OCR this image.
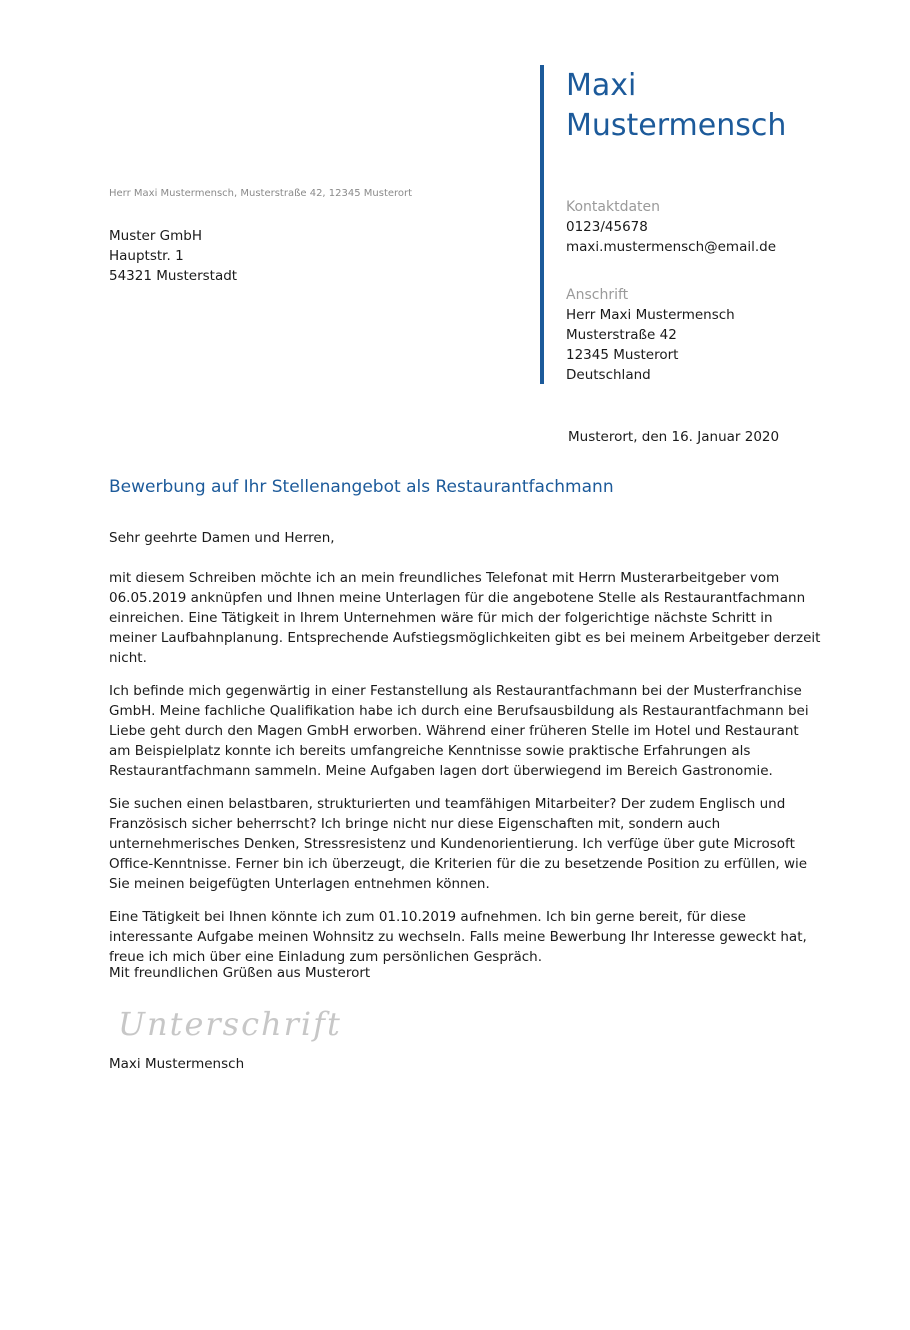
Maxi
Mustermensch
Kontaktdaten
0123/45678
maxi.mustermensch@email.de
Anschrift
Herr Maxi Mustermensch
Musterstraße 42
12345 Musterort
Deutschland
Herr Maxi Mustermensch, Musterstraße 42, 12345 Musterort
Muster GmbH
Hauptstr. 1
54321 Musterstadt
Musterort, den 16. Januar 2020
Bewerbung auf Ihr Stellenangebot als Restaurantfachmann

Sehr geehrte Damen und Herren,

mit diesem Schreiben möchte ich an mein freundliches Telefonat mit Herrn Musterarbeitgeber vom 06.05.2019 anknüpfen und Ihnen meine Unterlagen für die angebotene Stelle als Restaurantfachmann einreichen. Eine Tätigkeit in Ihrem Unternehmen wäre für mich der folgerichtige nächste Schritt in meiner Laufbahnplanung. Entsprechende Aufstiegsmöglichkeiten gibt es bei meinem Arbeitgeber derzeit nicht.

Ich befinde mich gegenwärtig in einer Festanstellung als Restaurantfachmann bei der Musterfranchise GmbH. Meine fachliche Qualifikation habe ich durch eine Berufsausbildung als Restaurantfachmann bei Liebe geht durch den Magen GmbH erworben. Während einer früheren Stelle im Hotel und Restaurant am Beispielplatz konnte ich bereits umfangreiche Kenntnisse sowie praktische Erfahrungen als Restaurantfachmann sammeln. Meine Aufgaben lagen dort überwiegend im Bereich Gastronomie.

Sie suchen einen belastbaren, strukturierten und teamfähigen Mitarbeiter? Der zudem Englisch und Französisch sicher beherrscht? Ich bringe nicht nur diese Eigenschaften mit, sondern auch unternehmerisches Denken, Stressresistenz und Kundenorientierung. Ich verfüge über gute Microsoft Office-Kenntnisse. Ferner bin ich überzeugt, die Kriterien für die zu besetzende Position zu erfüllen, wie Sie meinen beigefügten Unterlagen entnehmen können.

Eine Tätigkeit bei Ihnen könnte ich zum 01.10.2019 aufnehmen. Ich bin gerne bereit, für diese interessante Aufgabe meinen Wohnsitz zu wechseln. Falls meine Bewerbung Ihr Interesse geweckt hat, freue ich mich über eine Einladung zum persönlichen Gespräch.

Mit freundlichen Grüßen aus Musterort
Unterschrift
Maxi Mustermensch
